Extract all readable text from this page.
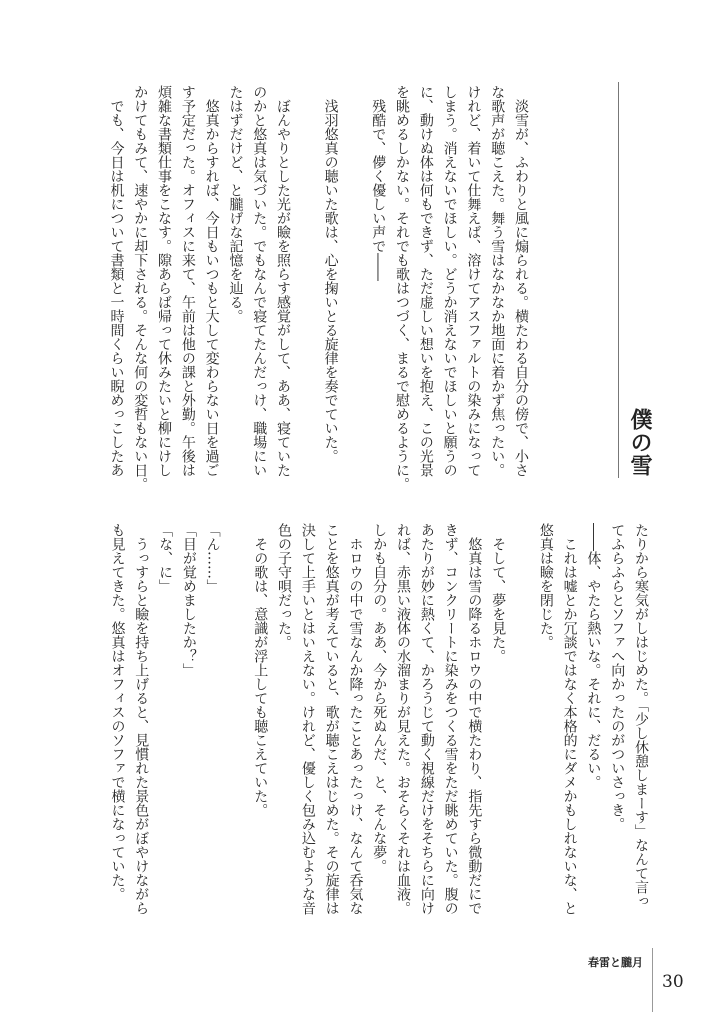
僕の雪
　淡雪が、ふわりと風に煽られる。横たわる自分の傍で、小さ
な歌声が聴こえた。舞う雪はなかなか地面に着かず焦ったい。
けれど、着いて仕舞えば、溶けてアスファルトの染みになって
しまう。消えないでほしい。どうか消えないでほしいと願うの
に、動けぬ体は何もできず、ただ虚しい想いを抱え、この光景
を眺めるしかない。それでも歌はつづく、まるで慰めるように。
　残酷で、儚く優しい声で――
　浅羽悠真の聴いた歌は、心を掬いとる旋律を奏でていた。
　ぼんやりとした光が瞼を照らす感覚がして、ああ、寝ていた
のかと悠真は気づいた。でもなんで寝てたんだっけ、職場にい
たはずだけど、と朧げな記憶を辿る。
　悠真からすれば、今日もいつもと大して変わらない日を過ご
す予定だった。オフィスに来て、午前は他の課と外勤。午後は
煩雑な書類仕事をこなす。隙あらば帰って休みたいと柳にけし
かけてもみて、速やかに却下される。そんな何の変哲もない日。
　でも、今日は机について書類と一時間くらい睨めっこしたあ
たりから寒気がしはじめた。「少し休憩しまーす」なんて言っ
てふらふらとソファへ向かったのがついさっき。
――体、やたら熱いな。それに、だるい。
　これは嘘とか冗談ではなく本格的にダメかもしれないな、と
悠真は瞼を閉じた。
　そして、夢を見た。
　悠真は雪の降るホロウの中で横たわり、指先すら微動だにで
きず、コンクリートに染みをつくる雪をただ眺めていた。腹の
あたりが妙に熱くて、かろうじて動く視線だけをそちらに向け
れば、赤黒い液体の水溜まりが見えた。おそらくそれは血液。
しかも自分の。ああ、今から死ぬんだ、と、そんな夢。
　ホロウの中で雪なんか降ったことあったっけ、なんて呑気な
ことを悠真が考えていると、歌が聴こえはじめた。その旋律は
決して上手いとはいえない。けれど、優しく包み込むような音
色の子守唄だった。
　その歌は、意識が浮上しても聴こえていた。
「ん……」
「目が覚めましたか？」
「な、に」
　うっすらと瞼を持ち上げると、見慣れた景色がぼやけながら
も見えてきた。悠真はオフィスのソファで横になっていた。
春雷と朧月
30
